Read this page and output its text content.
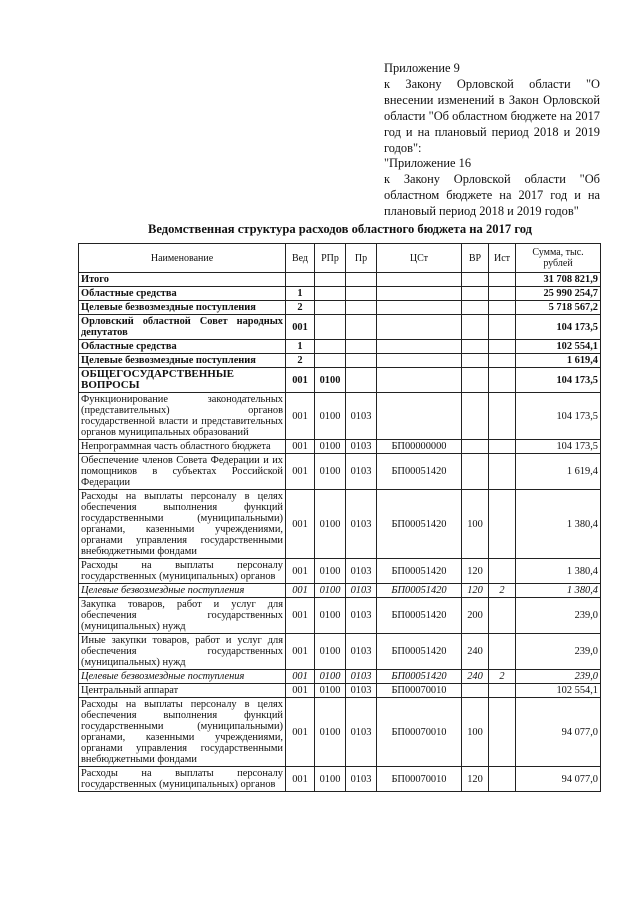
Приложение 9
к Закону Орловской области "О внесении изменений в Закон Орловской области "Об областном бюджете на 2017 год и на плановый период 2018 и 2019 годов":
"Приложение 16
к Закону Орловской области "Об областном бюджете на 2017 год и на плановый период 2018 и 2019 годов"
Ведомственная структура расходов областного бюджета на 2017 год
Наименование	Вед	РПр	Пр	ЦСт	ВР	Ист	Сумма, тыс. рублей
Итого							31 708 821,9
Областные средства	1						25 990 254,7
Целевые безвозмездные поступления	2						5 718 567,2
Орловский областной Совет народных депутатов	001						104 173,5
Областные средства	1						102 554,1
Целевые безвозмездные поступления	2						1 619,4
ОБЩЕГОСУДАРСТВЕННЫЕ ВОПРОСЫ	001	0100					104 173,5
Функционирование законодательных (представительных) органов государственной власти и представительных органов муниципальных образований	001	0100	0103				104 173,5
Непрограммная часть областного бюджета	001	0100	0103	БП00000000			104 173,5
Обеспечение членов Совета Федерации и их помощников в субъектах Российской Федерации	001	0100	0103	БП00051420			1 619,4
Расходы на выплаты персоналу в целях обеспечения выполнения функций государственными (муниципальными) органами, казенными учреждениями, органами управления государственными внебюджетными фондами	001	0100	0103	БП00051420	100		1 380,4
Расходы на выплаты персоналу государственных (муниципальных) органов	001	0100	0103	БП00051420	120		1 380,4
Целевые безвозмездные поступления	001	0100	0103	БП00051420	120	2	1 380,4
Закупка товаров, работ и услуг для обеспечения государственных (муниципальных) нужд	001	0100	0103	БП00051420	200		239,0
Иные закупки товаров, работ и услуг для обеспечения государственных (муниципальных) нужд	001	0100	0103	БП00051420	240		239,0
Целевые безвозмездные поступления	001	0100	0103	БП00051420	240	2	239,0
Центральный аппарат	001	0100	0103	БП00070010			102 554,1
Расходы на выплаты персоналу в целях обеспечения выполнения функций государственными (муниципальными) органами, казенными учреждениями, органами управления государственными внебюджетными фондами	001	0100	0103	БП00070010	100		94 077,0
Расходы на выплаты персоналу государственных (муниципальных) органов	001	0100	0103	БП00070010	120		94 077,0
